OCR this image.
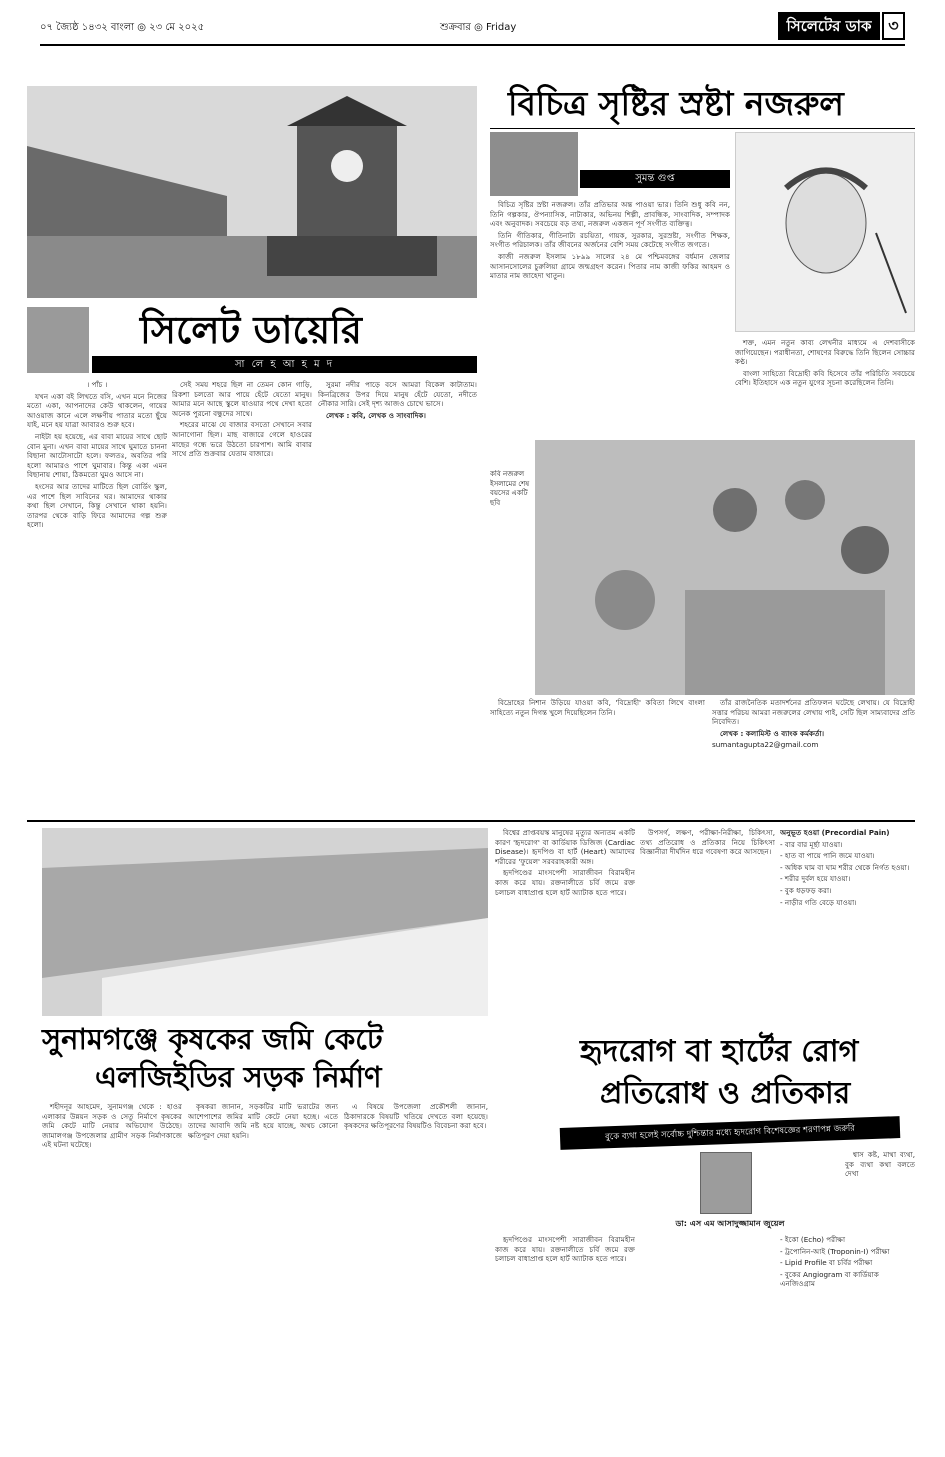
০৭ জ্যৈষ্ঠ ১৪৩২ বাংলা ◎ ২৩ মে ২০২৫	শুক্রবার ◎ Friday	সিলেটের ডাক	৩
সিলেট ডায়েরি
সা লে হ আ হ ম দ

। পাঁচ ।

যখন একা বই লিখতে বসি, এখন মনে নিজের মতো একা, আপনাদের কেউ থাকলেন, গায়ের আওয়াজ কানে এলে লক্ষণীয় পাতার মতো ছুঁয়ে যাই, মনে হয় যাত্রা আবারও শুরু হবে।

নাইটা হয় হয়েছে, এর বাবা মায়ের সাথে ছোট বোন মুনা। এখন বাবা মায়ের সাথে ঘুমাতে চাননা বিছানা আটোসাটো হলে। ফলতঃ, অবতির পরি হলো আমারও পাশে ঘুমাবার। কিন্তু একা এমন বিছানায় শোয়া, ঠিকমতো ঘুমও আসে না।

হংসের আর তাদের মাটিতে ছিল বোর্ডিং স্কুল, এর পাশে ছিল সাবিনের ঘর। আমাদের থাকার কথা ছিল সেখানে, কিন্তু সেখানে থাকা হয়নি। তারপর থেকে বাড়ি ফিরে আমাদের গল্প শুরু হলো।

সেই সময় শহরে ছিল না তেমন কোন গাড়ি, রিকশা চলতো আর পায়ে হেঁটে যেতো মানুষ। আমার মনে আছে স্কুলে যাওয়ার পথে দেখা হতো অনেক পুরনো বন্ধুদের সাথে।

শহরের মাঝে যে বাজার বসতো সেখানে সবার আনাগোনা ছিল। মাছ বাজারে গেলে হাওরের মাছের গন্ধে ভরে উঠতো চারপাশ। আমি বাবার সাথে প্রতি শুক্রবার যেতাম বাজারে।

সুরমা নদীর পাড়ে বসে আমরা বিকেল কাটাতাম। কিনব্রিজের উপর দিয়ে মানুষ হেঁটে যেতো, নদীতে নৌকার সারি। সেই দৃশ্য আজও চোখে ভাসে।

লেখক : কবি, লেখক ও সাংবাদিক।

বিচিত্র সৃষ্টির স্রষ্টা নজরুল
সুমন্ত গুপ্ত

বিচিত্র সৃষ্টির স্রষ্টা নজরুল। তাঁর প্রতিভার অন্ত পাওয়া ভার। তিনি শুধু কবি নন, তিনি গল্পকার, ঔপন্যাসিক, নাট্যকার, অভিনয় শিল্পী, প্রাবন্ধিক, সাংবাদিক, সম্পাদক এবং অনুবাদক। সবচেয়ে বড় তথ্য, নজরুল একজন পূর্ণ সংগীত ব্যক্তিত্ব।

তিনি গীতিকার, গীতিনাট্য রচয়িতা, গায়ক, সুরকার, সুরস্রষ্টা, সংগীত শিক্ষক, সংগীত পরিচালক। তাঁর জীবনের অর্জনের বেশি সময় কেটেছে সংগীত জগতে।

কাজী নজরুল ইসলাম ১৮৯৯ সালের ২৪ মে পশ্চিমবঙ্গের বর্ধমান জেলার আসানসোলের চুরুলিয়া গ্রামে জন্মগ্রহণ করেন। পিতার নাম কাজী ফকির আহমদ ও মাতার নাম জাহেদা খাতুন।

শক্ত, এমন নতুন কাব্য লেখনীর মাধ্যমে এ দেশবাসীকে জাগিয়েছেন। পরাধীনতা, শোষণের বিরুদ্ধে তিনি ছিলেন সোচ্চার কণ্ঠ।

বাংলা সাহিত্যে বিদ্রোহী কবি হিসেবে তাঁর পরিচিতি সবচেয়ে বেশি। ইতিহাসে এক নতুন যুগের সূচনা করেছিলেন তিনি।

কবি নজরুল ইসলামের শেষ বয়সের একটি ছবি

বিদ্রোহের নিশান উড়িয়ে যাওয়া কবি, 'বিদ্রোহী' কবিতা লিখে বাংলা সাহিত্যে নতুন দিগন্ত খুলে দিয়েছিলেন তিনি।

তাঁর রাজনৈতিক মতাদর্শনের প্রতিফলন ঘটেছে লেখায়। যে বিদ্রোহী সত্তার পরিচয় আমরা নজরুলের লেখায় পাই, সেটি ছিল সাম্যবাদের প্রতি নিবেদিত।

লেখক : কলামিস্ট ও ব্যাংক কর্মকর্তা।

sumantagupta22@gmail.com

সুনামগঞ্জে কৃষকের জমি কেটে
এলজিইডির সড়ক নির্মাণ

শহীদনূর আহমেদ, সুনামগঞ্জ থেকে : হাওর এলাকার উন্নয়ন সড়ক ও সেতু নির্মাণে কৃষকের জমি কেটে মাটি নেয়ার অভিযোগ উঠেছে। জামালগঞ্জ উপজেলার গ্রামীণ সড়ক নির্মাণকাজে এই ঘটনা ঘটেছে।

কৃষকরা জানান, সড়কটির মাটি ভরাটের জন্য আশেপাশের জমির মাটি কেটে নেয়া হচ্ছে। এতে তাদের আবাদি জমি নষ্ট হয়ে যাচ্ছে, অথচ কোনো ক্ষতিপূরণ দেয়া হয়নি।

এ বিষয়ে উপজেলা প্রকৌশলী জানান, ঠিকাদারকে বিষয়টি খতিয়ে দেখতে বলা হয়েছে। কৃষকদের ক্ষতিপূরণের বিষয়টিও বিবেচনা করা হবে।

বিশ্বের প্রাপ্তবয়স্ক মানুষের মৃত্যুর অন্যতম একটি কারণ 'হৃদরোগ' বা কার্ডিয়াক ডিজিজ (Cardiac Disease)। হৃদপিণ্ড বা হার্ট (Heart) আমাদের শরীরের 'ফুয়েল' সরবরাহকারী অঙ্গ।

হৃদপিণ্ডের মাংসপেশী সারাজীবন বিরামহীন কাজ করে যায়। রক্তনালীতে চর্বি জমে রক্ত চলাচল বাধাপ্রাপ্ত হলে হার্ট অ্যাটাক হতে পারে।

উপসর্গ, লক্ষণ, পরীক্ষা-নিরীক্ষা, চিকিৎসা, তথ্য প্রতিরোধ ও প্রতিকার নিয়ে চিকিৎসা বিজ্ঞানীরা দীর্ঘদিন ধরে গবেষণা করে আসছেন।

অনুভূত হওয়া (Precordial Pain)

- বার বার মূর্ছা যাওয়া।

- হাত বা পায়ে পানি জমে যাওয়া।

- অধিক ঘাম বা ঘাম শরীর থেকে নির্গত হওয়া।

- শরীর দুর্বল হয়ে যাওয়া।

- বুক ধড়ফড় করা।

- নাড়ীর গতি বেড়ে যাওয়া।

হৃদরোগ বা হার্টের রোগ
প্রতিরোধ ও প্রতিকার
বুকে ব্যথা হলেই সর্বোচ্চ দুশ্চিন্তার মধ্যে হৃদরোগ বিশেষজ্ঞের শরণাপন্ন জরুরি

শ্বাস কষ্ট, মাথা ব্যথা, বুক ব্যথা কথা বলতে দেখা

ডা: এস এম আসাদুজ্জামান জুয়েল

হৃদপিণ্ডের মাংসপেশী সারাজীবন বিরামহীন কাজ করে যায়। রক্তনালীতে চর্বি জমে রক্ত চলাচল বাধাপ্রাপ্ত হলে হার্ট অ্যাটাক হতে পারে।

- ইকো (Echo) পরীক্ষা

- ট্রপোনিন-আই (Troponin-I) পরীক্ষা

- Lipid Profile বা চর্বির পরীক্ষা

- বুকের Angiogram বা কার্ডিয়াক এনজিওগ্রাম
